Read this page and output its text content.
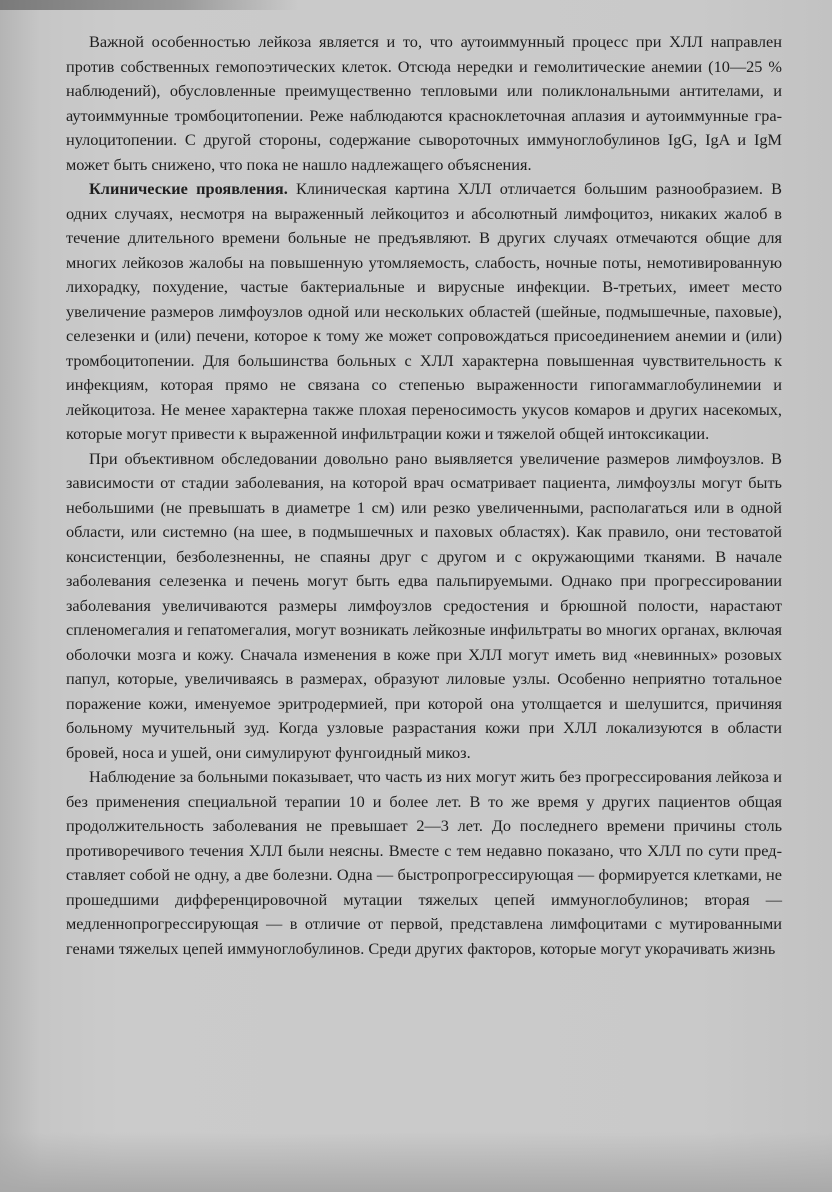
Важной особенностью лейкоза является и то, что аутоиммунный процесс при ХЛЛ направлен против собственных гемопоэтических клеток. Отсюда нередки и гемолитические анемии (10—25 % наблюдений), обусловленные преимущественно тепловыми или поликлональными антителами, и аутоиммунные тромбоцитопении. Реже наблюдаются красноклеточная аплазия и аутоиммунные гранулоцитопении. С другой стороны, содержание сывороточных иммуноглобулинов IgG, IgA и IgM может быть снижено, что пока не нашло надлежащего объяснения.

Клинические проявления. Клиническая картина ХЛЛ отличается большим разнообразием. В одних случаях, несмотря на выраженный лейкоцитоз и абсолютный лимфоцитоз, никаких жалоб в течение длительного времени больные не предъявляют. В других случаях отмечаются общие для многих лейкозов жалобы на повышенную утомляемость, слабость, ночные поты, немотивированную лихорадку, похудение, частые бактериальные и вирусные инфекции. В-третьих, имеет место увеличение размеров лимфоузлов одной или нескольких областей (шейные, подмышечные, паховые), селезенки и (или) печени, которое к тому же может сопровождаться присоединением анемии и (или) тромбоцитопении. Для большинства больных с ХЛЛ характерна повышенная чувствительность к инфекциям, которая прямо не связана со степенью выраженности гипогаммаглобулинемии и лейкоцитоза. Не менее характерна также плохая переносимость укусов комаров и других насекомых, которые могут привести к выраженной инфильтрации кожи и тяжелой общей интоксикации.

При объективном обследовании довольно рано выявляется увеличение размеров лимфоузлов. В зависимости от стадии заболевания, на которой врач осматривает пациента, лимфоузлы могут быть небольшими (не превышать в диаметре 1 см) или резко увеличенными, располагаться или в одной области, или системно (на шее, в подмышечных и паховых областях). Как правило, они тестоватой консистенции, безболезненны, не спаяны друг с другом и с окружающими тканями. В начале заболевания селезенка и печень могут быть едва пальпируемыми. Однако при прогрессировании заболевания увеличиваются размеры лимфоузлов средостения и брюшной полости, нарастают спленомегалия и гепатомегалия, могут возникать лейкозные инфильтраты во многих органах, включая оболочки мозга и кожу. Сначала изменения в коже при ХЛЛ могут иметь вид «невинных» розовых папул, которые, увеличиваясь в размерах, образуют лиловые узлы. Особенно неприятно тотальное поражение кожи, именуемое эритродермией, при которой она утолщается и шелушится, причиняя больному мучительный зуд. Когда узловые разрастания кожи при ХЛЛ локализуются в области бровей, носа и ушей, они симулируют фунгоидный микоз.

Наблюдение за больными показывает, что часть из них могут жить без прогрессирования лейкоза и без применения специальной терапии 10 и более лет. В то же время у других пациентов общая продолжительность заболевания не превышает 2—3 лет. До последнего времени причины столь противоречивого течения ХЛЛ были неясны. Вместе с тем недавно показано, что ХЛЛ по сути представляет собой не одну, а две болезни. Одна — быстропрогрессирующая — формируется клетками, не прошедшими дифференцировочной мутации тяжелых цепей иммуноглобулинов; вторая — медленнопрогрессирующая — в отличие от первой, представлена лимфоцитами с мутированными генами тяжелых цепей иммуноглобулинов. Среди других факторов, которые могут укорачивать жизнь
